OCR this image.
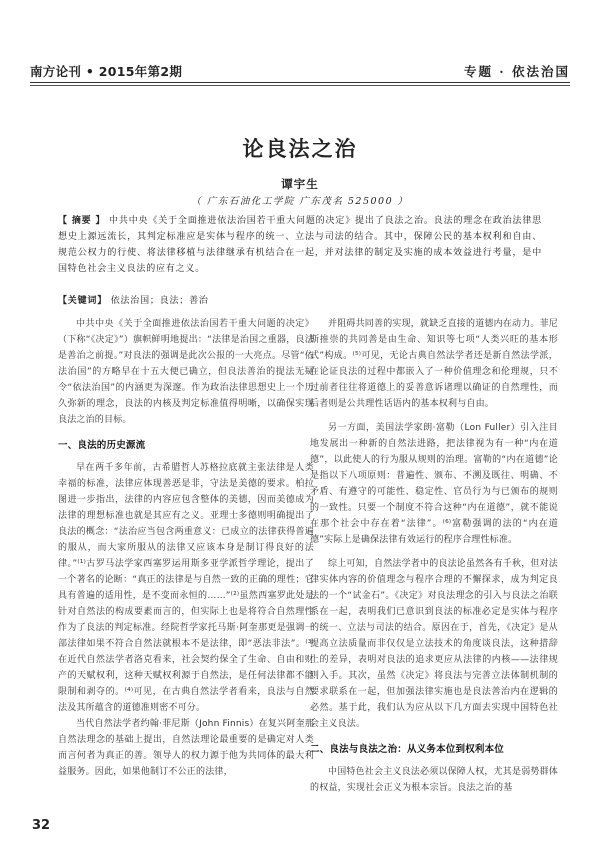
南方论刊 • 2015年第2期	专题 · 依法治国
论良法之治
谭宇生
（ 广东石油化工学院 广东茂名 525000 ）
【 摘要 】 中共中央《关于全面推进依法治国若干重大问题的决定》提出了良法之治。良法的理念在政治法律思想史上源远流长，其判定标准应是实体与程序的统一、立法与司法的结合。其中，保障公民的基本权利和自由、规范公权力的行使、将法律移植与法律继承有机结合在一起，并对法律的制定及实施的成本效益进行考量，是中国特色社会主义良法的应有之义。
【关键词】 依法治国；良法；善治

中共中央《关于全面推进依法治国若干重大问题的决定》（下称“《决定》”）旗帜鲜明地提出：“法律是治国之重器，良法是善治之前提。”对良法的强调是此次公报的一大亮点。尽管“依法治国”的方略早在十五大便已确立，但良法善治的提法无疑令“依法治国”的内涵更为深邃。作为政治法律思想史上一个历久弥新的理念，良法的内核及判定标准值得明晰，以确保实现良法之治的目标。

一、良法的历史源流

早在两千多年前，古希腊哲人苏格拉底就主张法律是人类幸福的标准，法律应体现善恶是非，守法是美德的要求。柏拉图进一步指出，法律的内容应包含整体的美德，因而美德成为法律的理想标准也就是其应有之义。亚理士多德则明确提出了良法的概念：“法治应当包含两重意义：已成立的法律获得普遍的服从，而大家所服从的法律又应该本身是制订得良好的法律。”⁽¹⁾古罗马法学家西塞罗运用斯多亚学派哲学理论，提出了一个著名的论断：“真正的法律是与自然一致的正确的理性；它具有普遍的适用性，是不变而永恒的……”⁽²⁾虽然西塞罗此处是针对自然法的构成要素而言的，但实际上也是将符合自然理性作为了良法的判定标准。经院哲学家托马斯·阿奎那更是强调一部法律如果不符合自然法就根本不是法律，即“恶法非法”。⁽³⁾在近代自然法学者洛克看来，社会契约保全了生命、自由和财产的天赋权利，这种天赋权利源于自然法，是任何法律都不能限制和剥夺的。⁽⁴⁾可见，在古典自然法学者看来，良法与自然法及其所蕴含的道德准则密不可分。

当代自然法学者约翰·菲尼斯（John Finnis）在复兴阿奎那自然法理念的基础上提出，自然法理论最重要的是确定对人类而言何者为真正的善。领导人的权力源于他为共同体的最大利益服务。因此，如果他制订不公正的法律，

并阻碍共同善的实现，就缺乏直接的道德内在动力。菲尼斯推崇的共同善是由生命、知识等七项“人类兴旺的基本形式”构成。⁽⁵⁾可见，无论古典自然法学者还是新自然法学派，在论证良法的过程中都嵌入了一种价值理念和伦理规，只不过前者往往将道德上的妥善意诉诸理以确证的自然理性，而后者则是公共理性话语内的基本权利与自由。

另一方面，美国法学家朗·富勒（Lon Fuller）引入注目地发展出一种新的自然法进路，把法律视为有一种“内在道德”，以此使人的行为服从规则的治理。富勒的“内在道德”论是指以下八项原则：普遍性、颁布、不溯及既往、明确、不矛盾、有遵守的可能性、稳定性、官员行为与已颁布的规则的一致性。只要一个制度不符合这种“内在道德”，就不能说在那个社会中存在着“法律”。⁽⁶⁾富勒强调的法的“内在道德”实际上是确保法律有效运行的程序合理性标准。

综上可知，自然法学者中的良法论虽然各有千秋，但对法律实体内容的价值理念与程序合理的不懈探求，成为判定良法的一个“试金石”。《决定》对良法理念的引入与良法之治联系在一起，表明我们已意识到良法的标准必定是实体与程序的统一、立法与司法的结合。原因在于，首先，《决定》是从提高立法质量而非仅仅是立法技术的角度谈良法，这种措辞上的差异，表明对良法的追求更应从法律的内核——法律规则入手。其次，虽然《决定》将良法与完善立法体制机制的要求联系在一起，但加强法律实施也是良法善治内在逻辑的必然。基于此，我们认为应从以下几方面去实现中国特色社会主义良法。

二、良法与良法之治：从义务本位到权利本位

中国特色社会主义良法必须以保障人权，尤其是弱势群体的权益，实现社会正义为根本宗旨。良法之治的基

32
